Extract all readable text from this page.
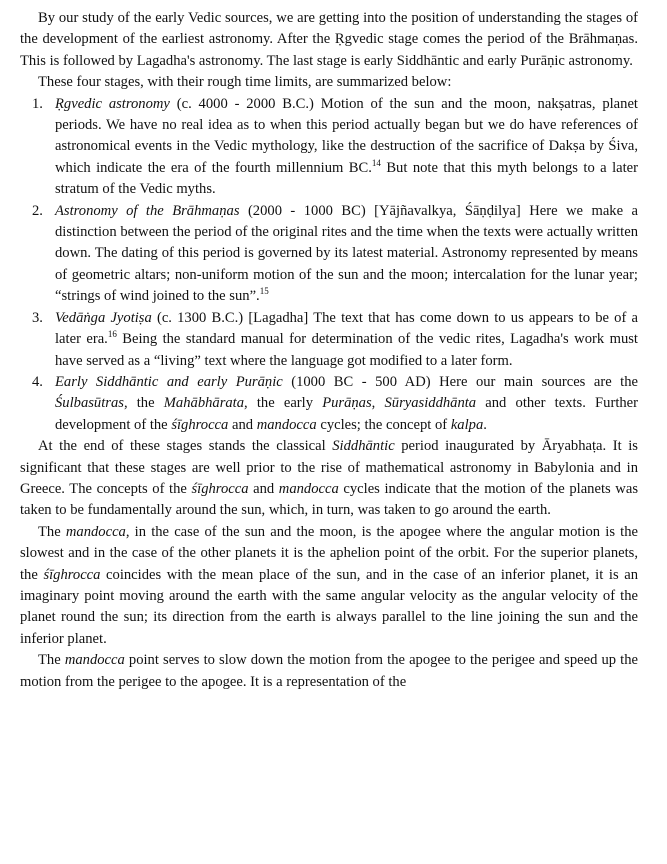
By our study of the early Vedic sources, we are getting into the position of understanding the stages of the development of the earliest astronomy. After the Ṛgvedic stage comes the period of the Brāhmaṇas. This is followed by Lagadha's astronomy. The last stage is early Siddhāntic and early Purāṇic astronomy.

These four stages, with their rough time limits, are summarized below:

1. Ṛgvedic astronomy (c. 4000 - 2000 B.C.) Motion of the sun and the moon, nakṣatras, planet periods. We have no real idea as to when this period actually began but we do have references of astronomical events in the Vedic mythology, like the destruction of the sacrifice of Dakṣa by Śiva, which indicate the era of the fourth millennium BC.$^{14}$ But note that this myth belongs to a later stratum of the Vedic myths.
2. Astronomy of the Brāhmaṇas (2000 - 1000 BC) [Yājñavalkya, Śāṇḍilya] Here we make a distinction between the period of the original rites and the time when the texts were actually written down. The dating of this period is governed by its latest material. Astronomy represented by means of geometric altars; non-uniform motion of the sun and the moon; intercalation for the lunar year; “strings of wind joined to the sun”.$^{15}$
3. Vedāṅga Jyotiṣa (c. 1300 B.C.) [Lagadha] The text that has come down to us appears to be of a later era.$^{16}$ Being the standard manual for determination of the vedic rites, Lagadha's work must have served as a “living” text where the language got modified to a later form.
4. Early Siddhāntic and early Purāṇic (1000 BC - 500 AD) Here our main sources are the Śulbasūtras, the Mahābhārata, the early Purāṇas, Sūryasiddhānta and other texts. Further development of the śīghrocca and mandocca cycles; the concept of kalpa.

At the end of these stages stands the classical Siddhāntic period inaugurated by Āryabhaṭa. It is significant that these stages are well prior to the rise of mathematical astronomy in Babylonia and in Greece. The concepts of the śīghrocca and mandocca cycles indicate that the motion of the planets was taken to be fundamentally around the sun, which, in turn, was taken to go around the earth.

The mandocca, in the case of the sun and the moon, is the apogee where the angular motion is the slowest and in the case of the other planets it is the aphelion point of the orbit. For the superior planets, the śīghrocca coincides with the mean place of the sun, and in the case of an inferior planet, it is an imaginary point moving around the earth with the same angular velocity as the angular velocity of the planet round the sun; its direction from the earth is always parallel to the line joining the sun and the inferior planet.

The mandocca point serves to slow down the motion from the apogee to the perigee and speed up the motion from the perigee to the apogee. It is a representation of the
